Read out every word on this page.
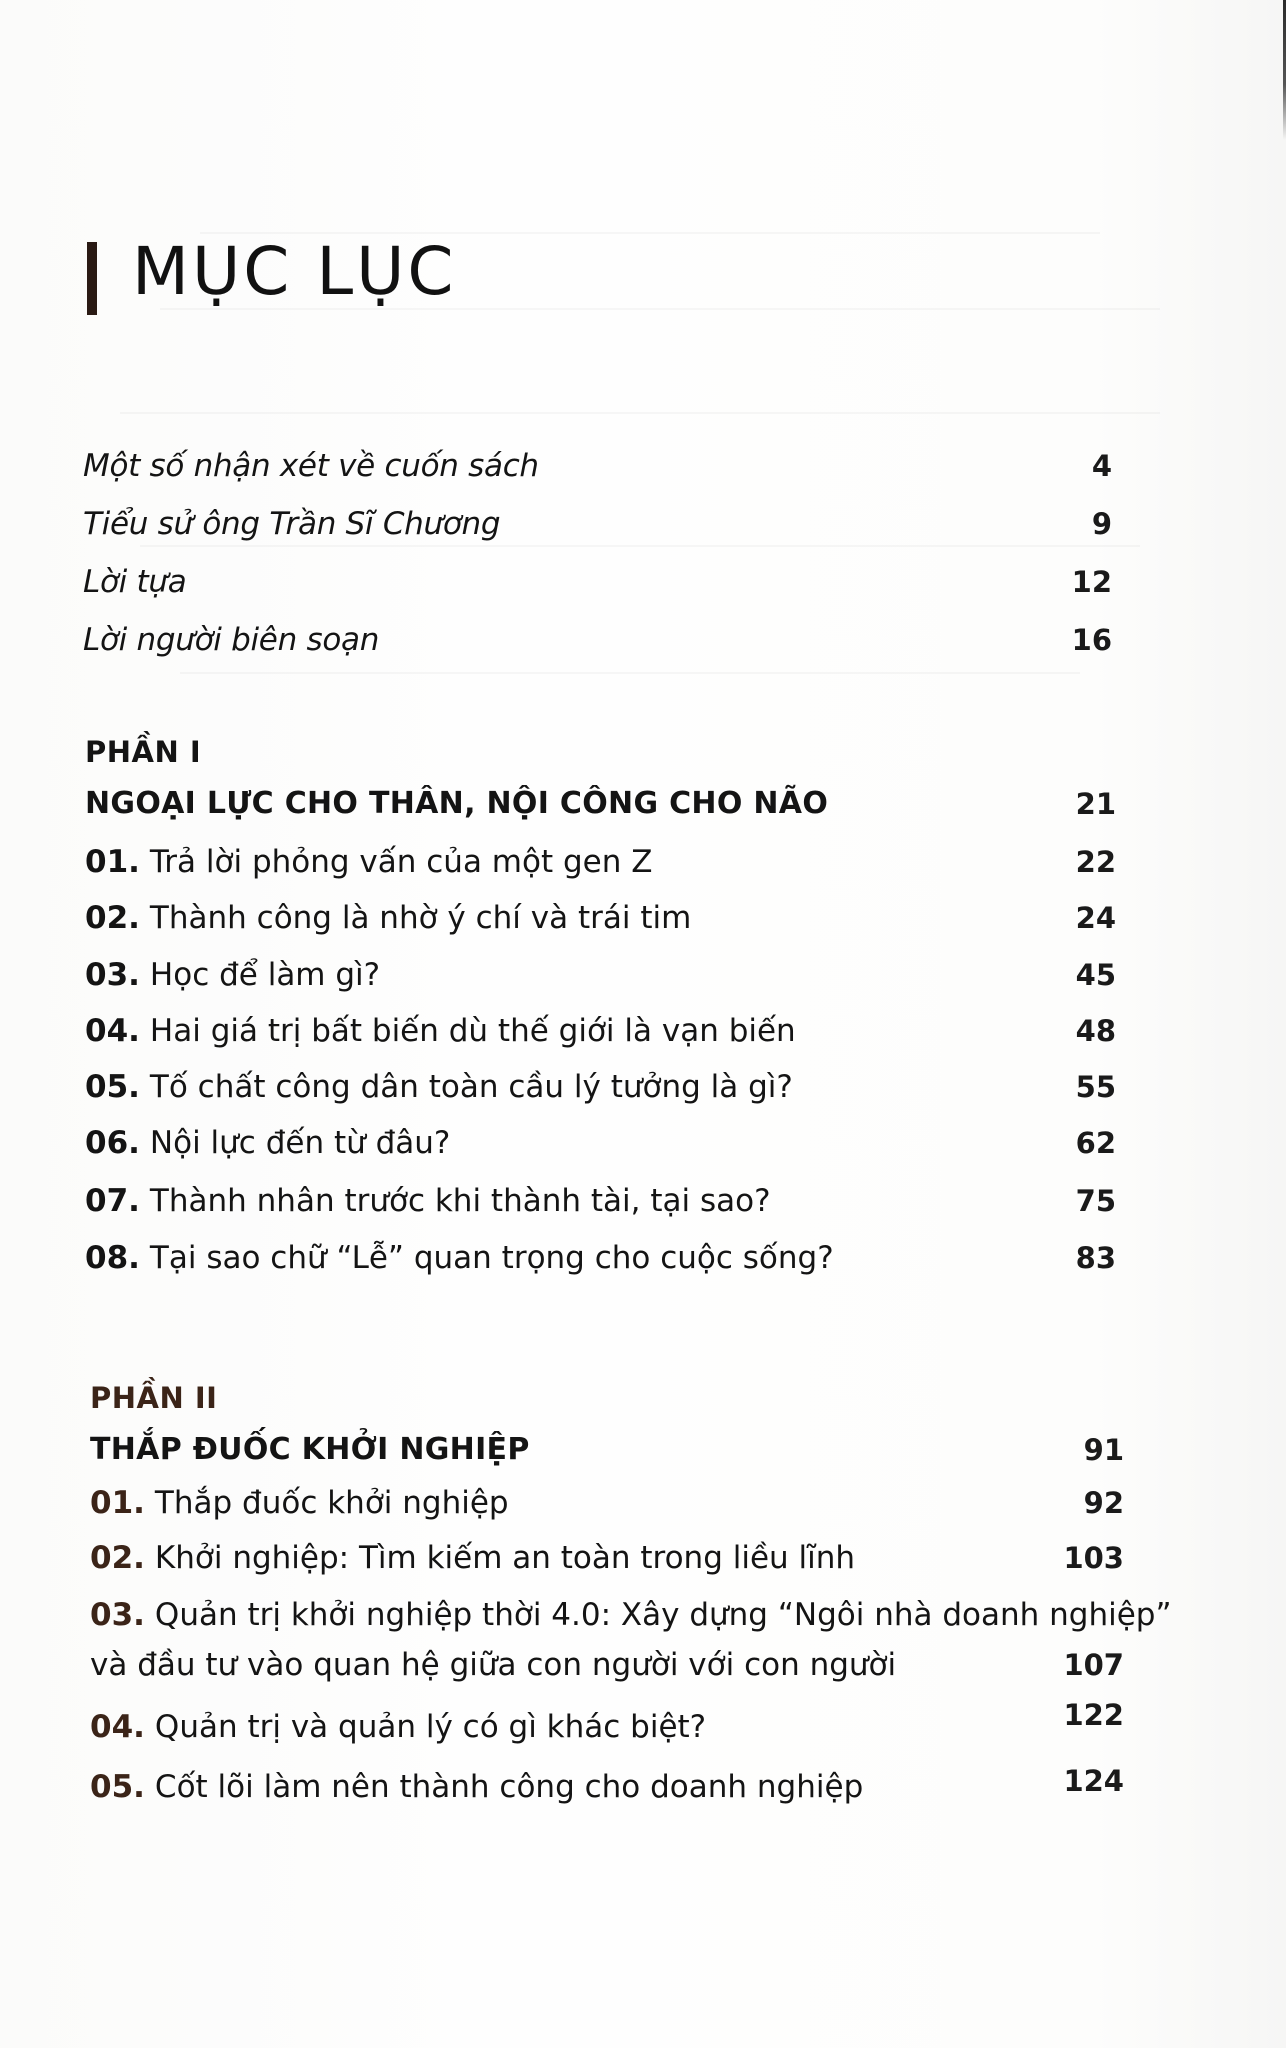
MỤC LỤC
Một số nhận xét về cuốn sách	4
Tiểu sử ông Trần Sĩ Chương	9
Lời tựa	12
Lời người biên soạn	16
PHẦN I
NGOẠI LỰC CHO THÂN, NỘI CÔNG CHO NÃO	21
01. Trả lời phỏng vấn của một gen Z	22
02. Thành công là nhờ ý chí và trái tim	24
03. Học để làm gì?	45
04. Hai giá trị bất biến dù thế giới là vạn biến	48
05. Tố chất công dân toàn cầu lý tưởng là gì?	55
06. Nội lực đến từ đâu?	62
07. Thành nhân trước khi thành tài, tại sao?	75
08. Tại sao chữ “Lễ” quan trọng cho cuộc sống?	83
PHẦN II
THẮP ĐUỐC KHỞI NGHIỆP	91
01. Thắp đuốc khởi nghiệp	92
02. Khởi nghiệp: Tìm kiếm an toàn trong liều lĩnh	103
03. Quản trị khởi nghiệp thời 4.0: Xây dựng “Ngôi nhà doanh nghiệp”
và đầu tư vào quan hệ giữa con người với con người	107
04. Quản trị và quản lý có gì khác biệt?	122
05. Cốt lõi làm nên thành công cho doanh nghiệp	124
